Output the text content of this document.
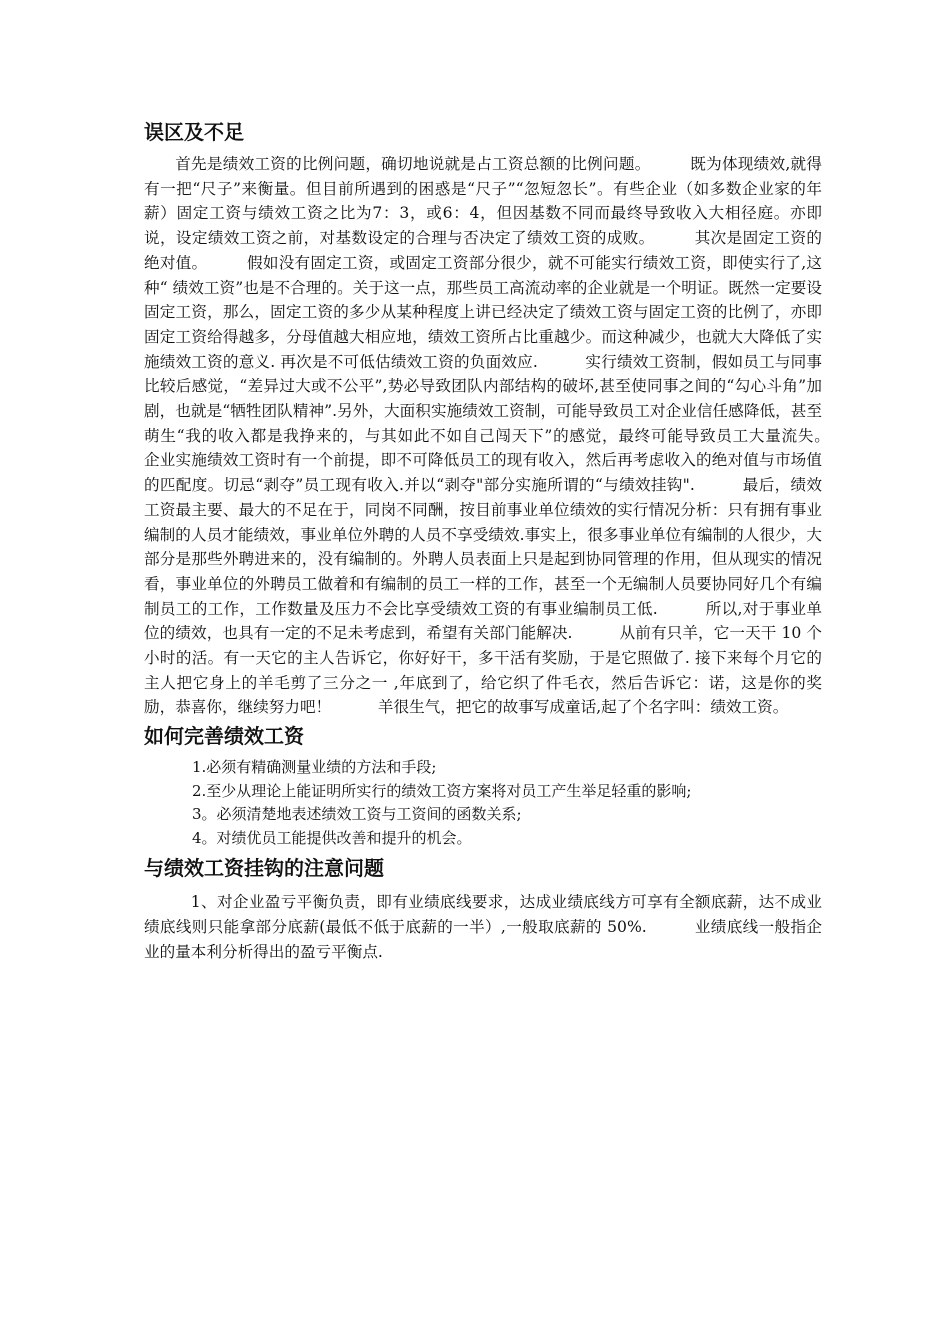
误区及不足

首先是绩效工资的比例问题，确切地说就是占工资总额的比例问题。　　　既为体现绩效,就得有一把“尺子”来衡量。但目前所遇到的困惑是“尺子”“忽短忽长”。有些企业（如多数企业家的年薪）固定工资与绩效工资之比为7：3，或6：4，但因基数不同而最终导致收入大相径庭。亦即说，设定绩效工资之前，对基数设定的合理与否决定了绩效工资的成败。　　　其次是固定工资的绝对值。　　　假如没有固定工资，或固定工资部分很少，就不可能实行绩效工资，即使实行了,这种“ 绩效工资”也是不合理的。关于这一点，那些员工高流动率的企业就是一个明证。既然一定要设固定工资，那么，固定工资的多少从某种程度上讲已经决定了绩效工资与固定工资的比例了，亦即固定工资给得越多，分母值越大相应地，绩效工资所占比重越少。而这种减少，也就大大降低了实施绩效工资的意义. 再次是不可低估绩效工资的负面效应.　　　实行绩效工资制，假如员工与同事比较后感觉，“差异过大或不公平”,势必导致团队内部结构的破坏,甚至使同事之间的“勾心斗角”加剧，也就是“牺牲团队精神”.另外，大面积实施绩效工资制，可能导致员工对企业信任感降低，甚至萌生“我的收入都是我挣来的，与其如此不如自己闯天下”的感觉，最终可能导致员工大量流失。　　　企业实施绩效工资时有一个前提，即不可降低员工的现有收入，然后再考虑收入的绝对值与市场值的匹配度。切忌“剥夺”员工现有收入.并以“剥夺"部分实施所谓的“与绩效挂钩".　　　最后，绩效工资最主要、最大的不足在于，同岗不同酬，按目前事业单位绩效的实行情况分析：只有拥有事业编制的人员才能绩效，事业单位外聘的人员不享受绩效.事实上，很多事业单位有编制的人很少，大部分是那些外聘进来的，没有编制的。外聘人员表面上只是起到协同管理的作用，但从现实的情况看，事业单位的外聘员工做着和有编制的员工一样的工作，甚至一个无编制人员要协同好几个有编制员工的工作，工作数量及压力不会比享受绩效工资的有事业编制员工低.　　　所以,对于事业单位的绩效，也具有一定的不足未考虑到，希望有关部门能解决.　　　从前有只羊，它一天干 10 个小时的活。有一天它的主人告诉它，你好好干，多干活有奖励，于是它照做了. 接下来每个月它的主人把它身上的羊毛剪了三分之一 ,年底到了，给它织了件毛衣，然后告诉它：诺，这是你的奖励，恭喜你，继续努力吧！　　　羊很生气，把它的故事写成童话,起了个名字叫：绩效工资。

如何完善绩效工资

1.必须有精确测量业绩的方法和手段;

2.至少从理论上能证明所实行的绩效工资方案将对员工产生举足轻重的影响;

3。必须清楚地表述绩效工资与工资间的函数关系;

4。对绩优员工能提供改善和提升的机会。

与绩效工资挂钩的注意问题

1、对企业盈亏平衡负责，即有业绩底线要求，达成业绩底线方可享有全额底薪，达不成业绩底线则只能拿部分底薪(最低不低于底薪的一半）,一般取底薪的 50%.　　　业绩底线一般指企业的量本利分析得出的盈亏平衡点.
